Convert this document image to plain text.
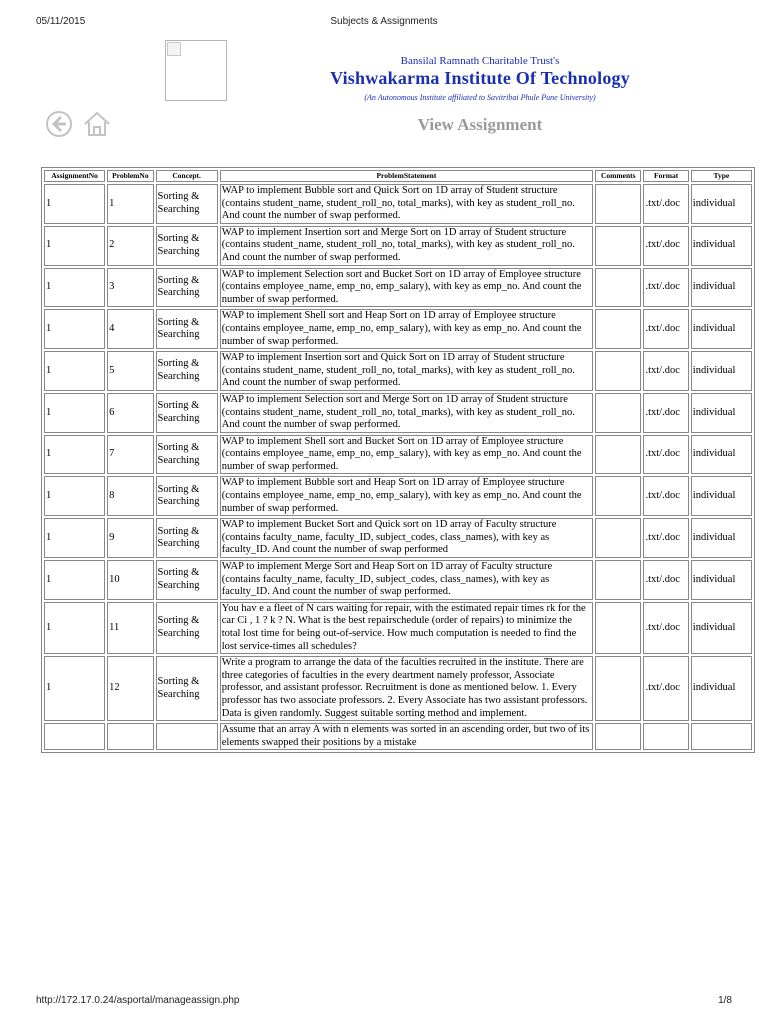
05/11/2015	Subjects & Assignments
Bansilal Ramnath Charitable Trust's
Vishwakarma Institute Of Technology
(An Autonomous Institute affiliated to Savitribai Phule Pune University)
View Assignment
AssignmentNo	ProblemNo	Concept.	ProblemStatement	Comments	Format	Type
1	1	Sorting & Searching	WAP to implement Bubble sort and Quick Sort on 1D array of Student structure (contains student_name, student_roll_no, total_marks), with key as student_roll_no. And count the number of swap performed.		.txt/.doc	individual
1	2	Sorting & Searching	WAP to implement Insertion sort and Merge Sort on 1D array of Student structure (contains student_name, student_roll_no, total_marks), with key as student_roll_no. And count the number of swap performed.		.txt/.doc	individual
1	3	Sorting & Searching	WAP to implement Selection sort and Bucket Sort on 1D array of Employee structure (contains employee_name, emp_no, emp_salary), with key as emp_no. And count the number of swap performed.		.txt/.doc	individual
1	4	Sorting & Searching	WAP to implement Shell sort and Heap Sort on 1D array of Employee structure (contains employee_name, emp_no, emp_salary), with key as emp_no. And count the number of swap performed.		.txt/.doc	individual
1	5	Sorting & Searching	WAP to implement Insertion sort and Quick Sort on 1D array of Student structure (contains student_name, student_roll_no, total_marks), with key as student_roll_no. And count the number of swap performed.		.txt/.doc	individual
1	6	Sorting & Searching	WAP to implement Selection sort and Merge Sort on 1D array of Student structure (contains student_name, student_roll_no, total_marks), with key as student_roll_no. And count the number of swap performed.		.txt/.doc	individual
1	7	Sorting & Searching	WAP to implement Shell sort and Bucket Sort on 1D array of Employee structure (contains employee_name, emp_no, emp_salary), with key as emp_no. And count the number of swap performed.		.txt/.doc	individual
1	8	Sorting & Searching	WAP to implement Bubble sort and Heap Sort on 1D array of Employee structure (contains employee_name, emp_no, emp_salary), with key as emp_no. And count the number of swap performed.		.txt/.doc	individual
1	9	Sorting & Searching	WAP to implement Bucket Sort and Quick sort on 1D array of Faculty structure (contains faculty_name, faculty_ID, subject_codes, class_names), with key as faculty_ID. And count the number of swap performed		.txt/.doc	individual
1	10	Sorting & Searching	WAP to implement Merge Sort and Heap Sort on 1D array of Faculty structure (contains faculty_name, faculty_ID, subject_codes, class_names), with key as faculty_ID. And count the number of swap performed.		.txt/.doc	individual
1	11	Sorting & Searching	You hav e a fleet of N cars waiting for repair, with the estimated repair times rk for the car Ci , 1 ? k ? N. What is the best repairschedule (order of repairs) to minimize the total lost time for being out-of-service. How much computation is needed to find the lost service-times all schedules?		.txt/.doc	individual
1	12	Sorting & Searching	Write a program to arrange the data of the faculties recruited in the institute. There are three categories of faculties in the every deartment namely professor, Associate professor, and assistant professor. Recruitment is done as mentioned below. 1. Every professor has two associate professors. 2. Every Associate has two assistant professors. Data is given randomly. Suggest suitable sorting method and implement.		.txt/.doc	individual
			Assume that an array A with n elements was sorted in an ascending order, but two of its elements swapped their positions by a mistake			
http://172.17.0.24/asportal/manageassign.php	1/8
